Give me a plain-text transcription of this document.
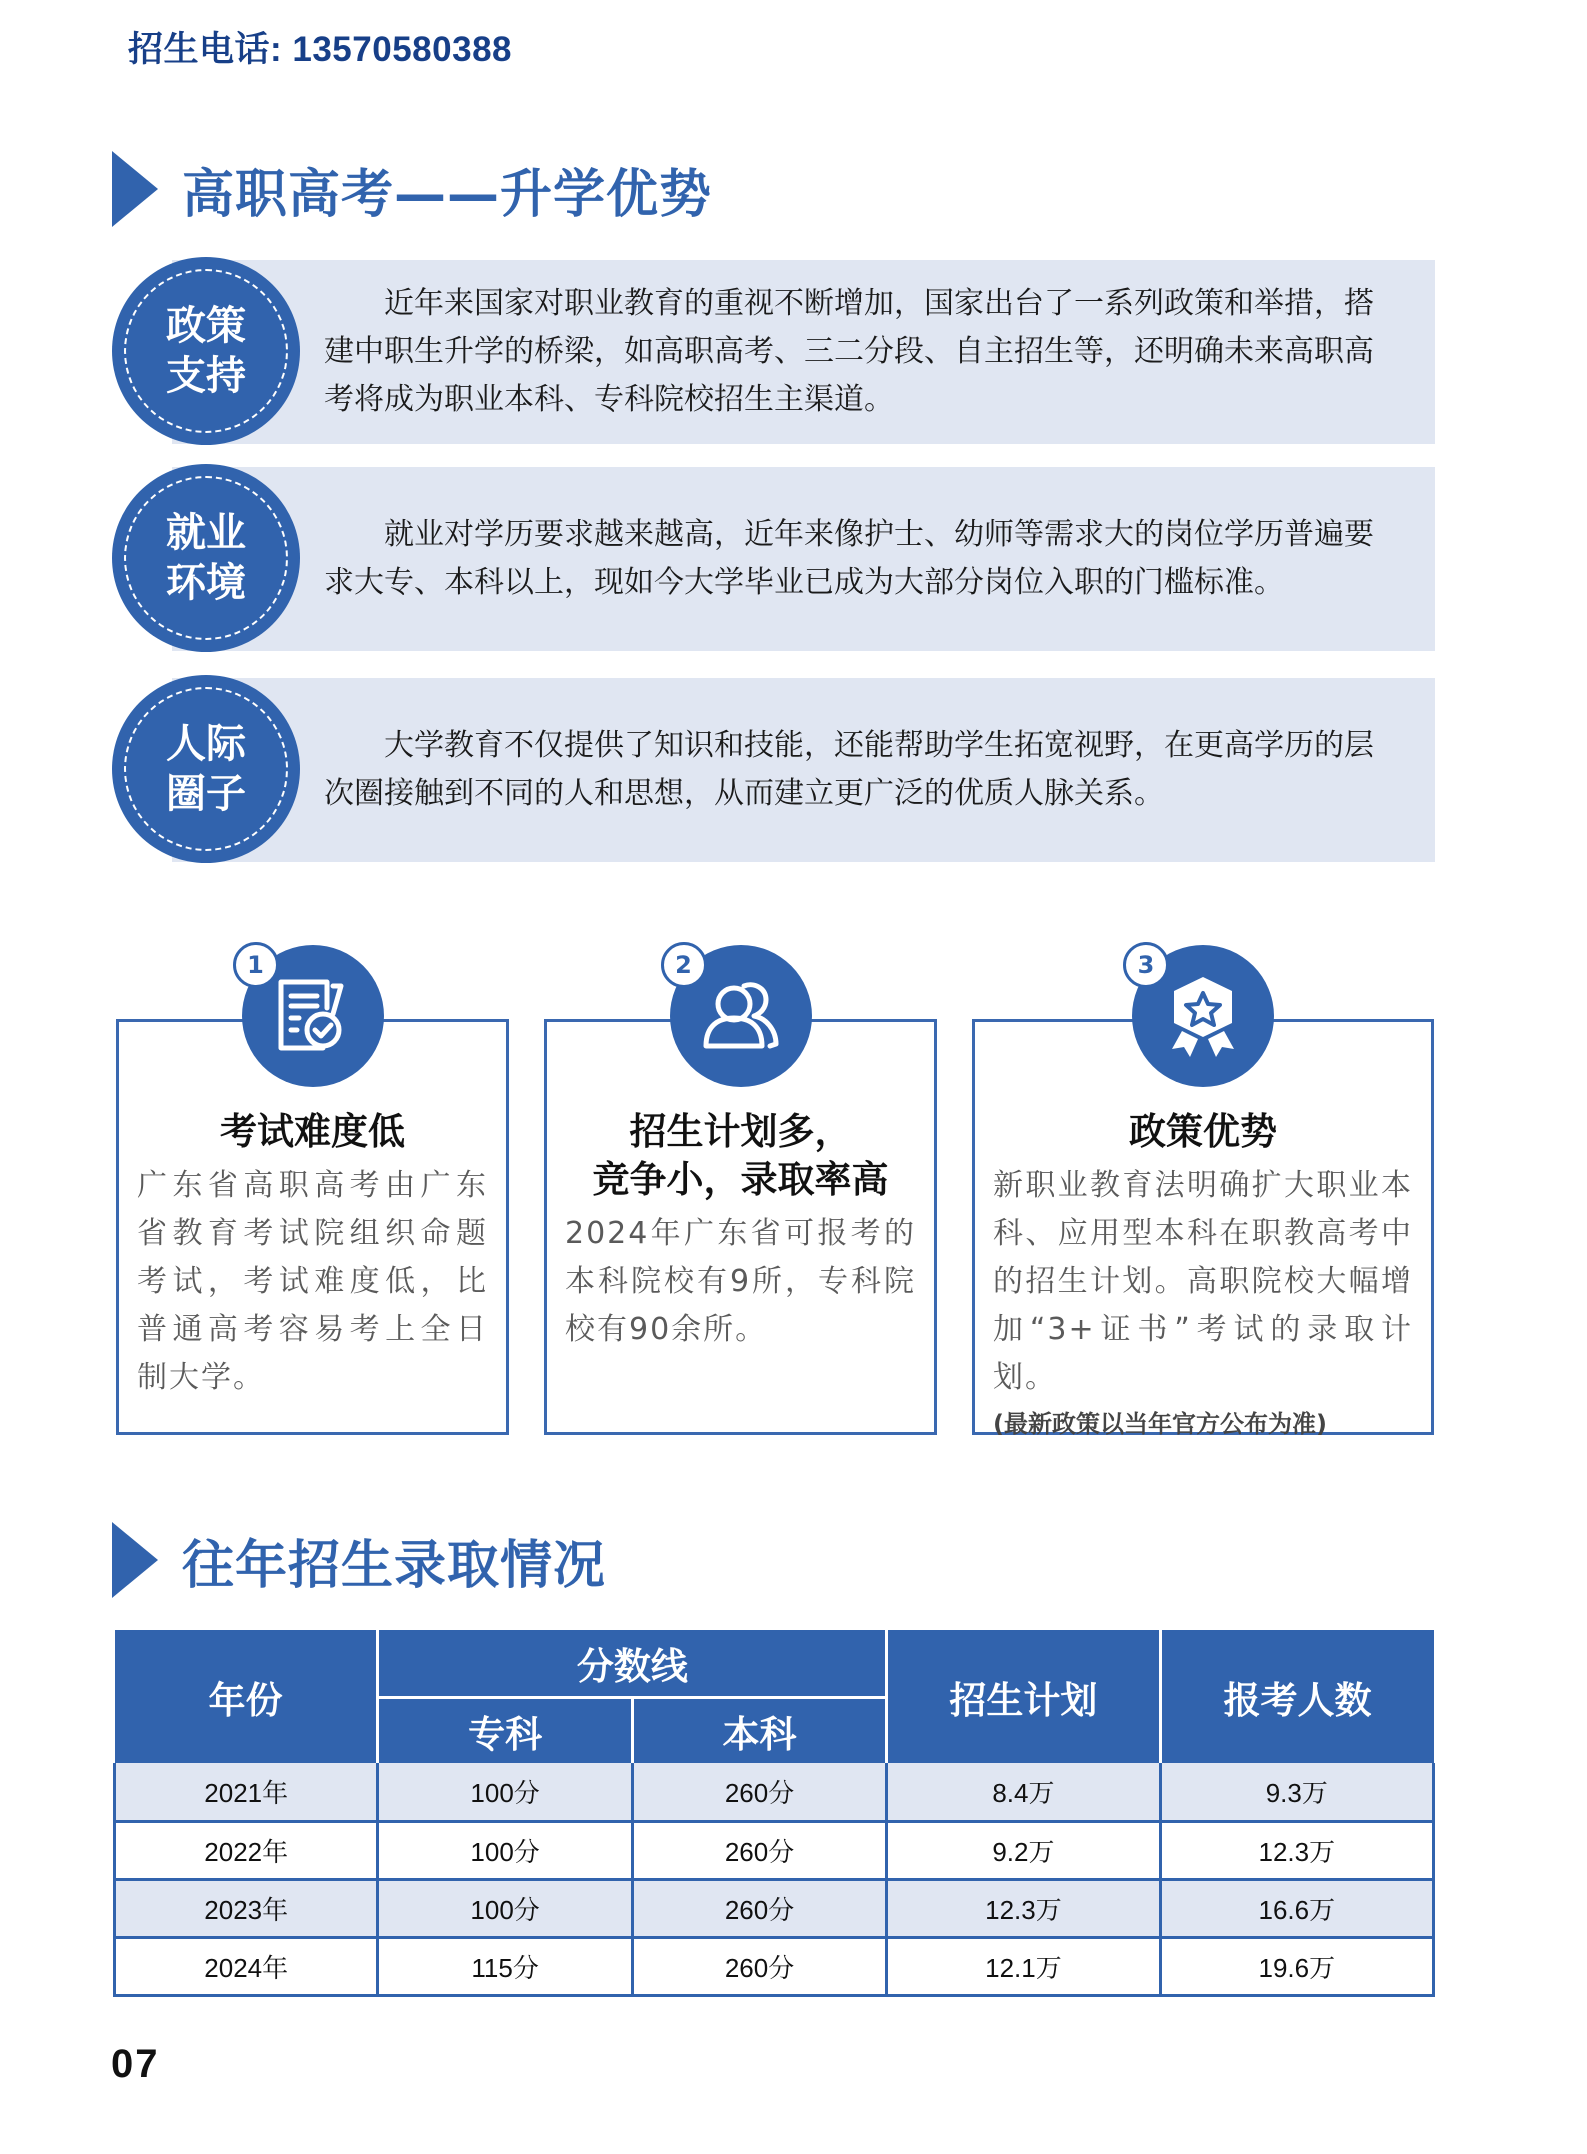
招生电话: 13570580388
高职高考——升学优势
政策
支持

近年来国家对职业教育的重视不断增加，国家出台了一系列政策和举措，搭建中职生升学的桥梁，如高职高考、三二分段、自主招生等，还明确未来高职高考将成为职业本科、专科院校招生主渠道。

就业
环境

就业对学历要求越来越高，近年来像护士、幼师等需求大的岗位学历普遍要求大专、本科以上，现如今大学毕业已成为大部分岗位入职的门槛标准。

人际
圈子

大学教育不仅提供了知识和技能，还能帮助学生拓宽视野，在更高学历的层次圈接触到不同的人和思想，从而建立更广泛的优质人脉关系。

1
考试难度低
广东省高职高考由广东省教育考试院组织命题考试，考试难度低，比普通高考容易考上全日制大学。
2
招生计划多，
竞争小，录取率高
2024年广东省可报考的本科院校有9所，专科院校有90余所。
3
政策优势
新职业教育法明确扩大职业本科、应用型本科在职教高考中的招生计划。高职院校大幅增加“3+证书”考试的录取计划。
(最新政策以当年官方公布为准)
往年招生录取情况
年份	分数线		招生计划	报考人数
	专科	本科		
2021年	100分	260分	8.4万	9.3万
2022年	100分	260分	9.2万	12.3万
2023年	100分	260分	12.3万	16.6万
2024年	115分	260分	12.1万	19.6万
07
